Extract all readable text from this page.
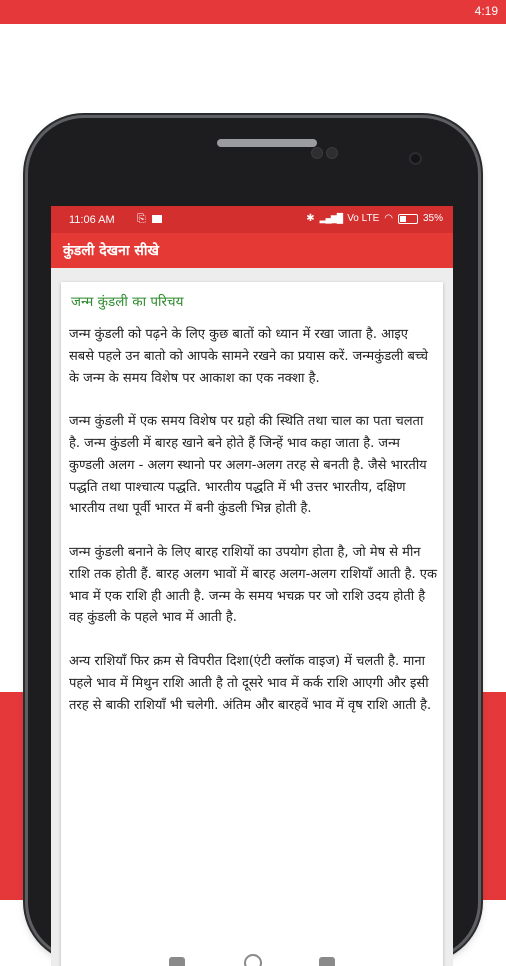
4:19
11:06 AM ⎘	✱ ▂▄▆█ Vo LTE ◠	35%
कुंडली देखना सीखे
जन्म कुंडली का परिचय

जन्म कुंडली को पढ़ने के लिए कुछ बातों को ध्यान में रखा जाता है. आइए सबसे पहले उन बातो को आपके सामने रखने का प्रयास करें. जन्मकुंडली बच्चे के जन्म के समय विशेष पर आकाश का एक नक्शा है.

जन्म कुंडली में एक समय विशेष पर ग्रहो की स्थिति तथा चाल का पता चलता है. जन्म कुंडली में बारह खाने बने होते हैं जिन्हें भाव कहा जाता है. जन्म कुण्डली अलग - अलग स्थानो पर अलग-अलग तरह से बनती है. जैसे भारतीय पद्धति तथा पाश्चात्य पद्धति. भारतीय पद्धति में भी उत्तर भारतीय, दक्षिण भारतीय तथा पूर्वी भारत में बनी कुंडली भिन्न होती है.

जन्म कुंडली बनाने के लिए बारह राशियों का उपयोग होता है, जो मेष से मीन राशि तक होती हैं. बारह अलग भावों में बारह अलग-अलग राशियाँ आती है. एक भाव में एक राशि ही आती है. जन्म के समय भचक्र पर जो राशि उदय होती है वह कुंडली के पहले भाव में आती है.

अन्य राशियाँ फिर क्रम से विपरीत दिशा(एंटी क्लॉक वाइज) में चलती है. माना पहले भाव में मिथुन राशि आती है तो दूसरे भाव में कर्क राशि आएगी और इसी तरह से बाकी राशियाँ भी चलेगी. अंतिम और बारहवें भाव में वृष राशि आती है.
